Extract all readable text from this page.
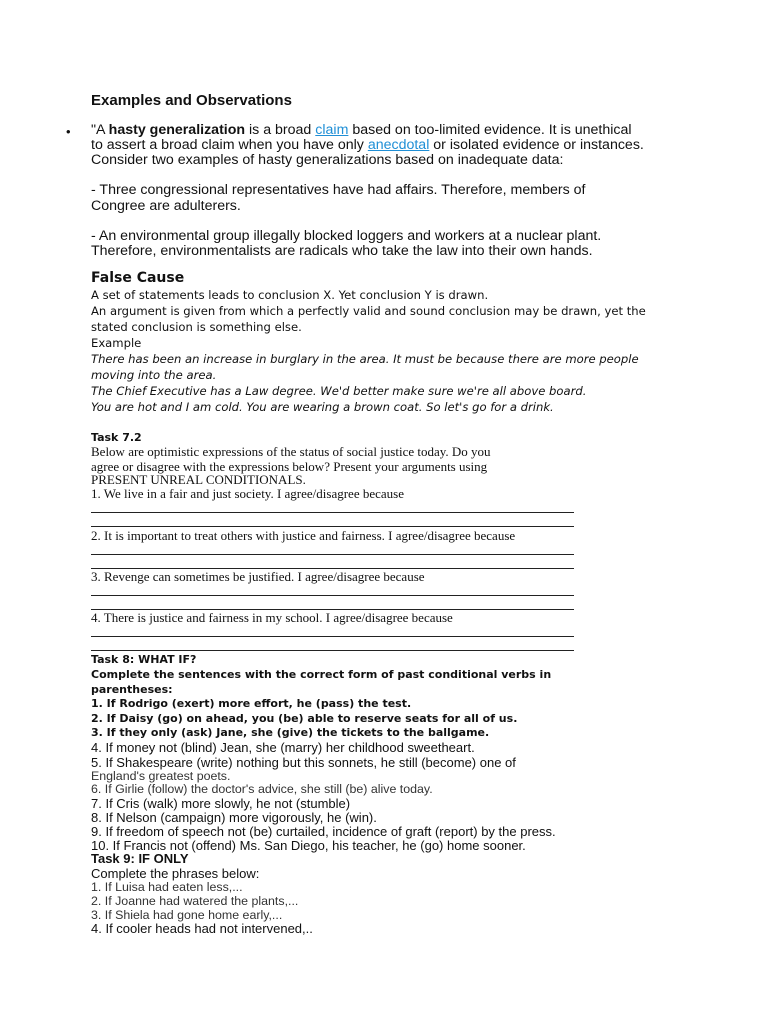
Examples and Observations
• "A hasty generalization is a broad claim based on too-limited evidence. It is unethical
to assert a broad claim when you have only anecdotal or isolated evidence or instances.
Consider two examples of hasty generalizations based on inadequate data:
- Three congressional representatives have had affairs. Therefore, members of
Congree are adulterers.
- An environmental group illegally blocked loggers and workers at a nuclear plant.
Therefore, environmentalists are radicals who take the law into their own hands.
False Cause
A set of statements leads to conclusion X. Yet conclusion Y is drawn.
An argument is given from which a perfectly valid and sound conclusion may be drawn, yet the
stated conclusion is something else.
Example
There has been an increase in burglary in the area. It must be because there are more people
moving into the area.
The Chief Executive has a Law degree. We'd better make sure we're all above board.
You are hot and I am cold. You are wearing a brown coat. So let's go for a drink.
Task 7.2
Below are optimistic expressions of the status of social justice today. Do you
agree or disagree with the expressions below? Present your arguments using
PRESENT UNREAL CONDITIONALS.
1. We live in a fair and just society. I agree/disagree because
2. It is important to treat others with justice and fairness. I agree/disagree because
3. Revenge can sometimes be justified. I agree/disagree because
4. There is justice and fairness in my school. I agree/disagree because
Task 8: WHAT IF?
Complete the sentences with the correct form of past conditional verbs in
parentheses:
1. If Rodrigo (exert) more effort, he (pass) the test.
2. If Daisy (go) on ahead, you (be) able to reserve seats for all of us.
3. If they only (ask) Jane, she (give) the tickets to the ballgame.
4. If money not (blind) Jean, she (marry) her childhood sweetheart.
5. If Shakespeare (write) nothing but this sonnets, he still (become) one of
England's greatest poets.
6. If Girlie (follow) the doctor's advice, she still (be) alive today.
7. If Cris (walk) more slowly, he not (stumble)
8. If Nelson (campaign) more vigorously, he (win).
9. If freedom of speech not (be) curtailed, incidence of graft (report) by the press.
10. If Francis not (offend) Ms. San Diego, his teacher, he (go) home sooner.
Task 9: IF ONLY
Complete the phrases below:
1. If Luisa had eaten less,...
2. If Joanne had watered the plants,...
3. If Shiela had gone home early,...
4. If cooler heads had not intervened,..
